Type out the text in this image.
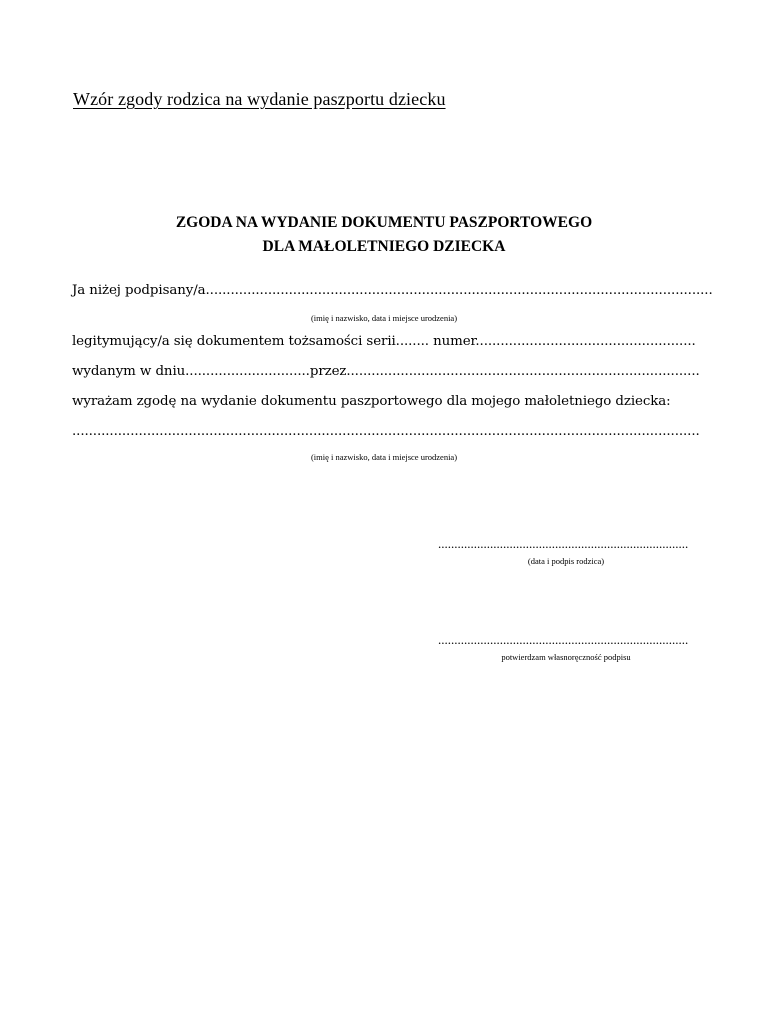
Wzór zgody rodzica na wydanie paszportu dziecku
ZGODA NA WYDANIE DOKUMENTU PASZPORTOWEGO
DLA MAŁOLETNIEGO DZIECKA
Ja niżej podpisany/a..........................................................................................................................
(imię i nazwisko, data i miejsce urodzenia)
legitymujący/a się dokumentem tożsamości serii........ numer.....................................................
wydanym w dniu..............................przez.....................................................................................
wyrażam zgodę na wydanie dokumentu paszportowego dla mojego małoletniego dziecka:
.......................................................................................................................................................
(imię i nazwisko, data i miejsce urodzenia)
.............................................................................
(data i podpis rodzica)
.............................................................................
potwierdzam własnoręczność podpisu
